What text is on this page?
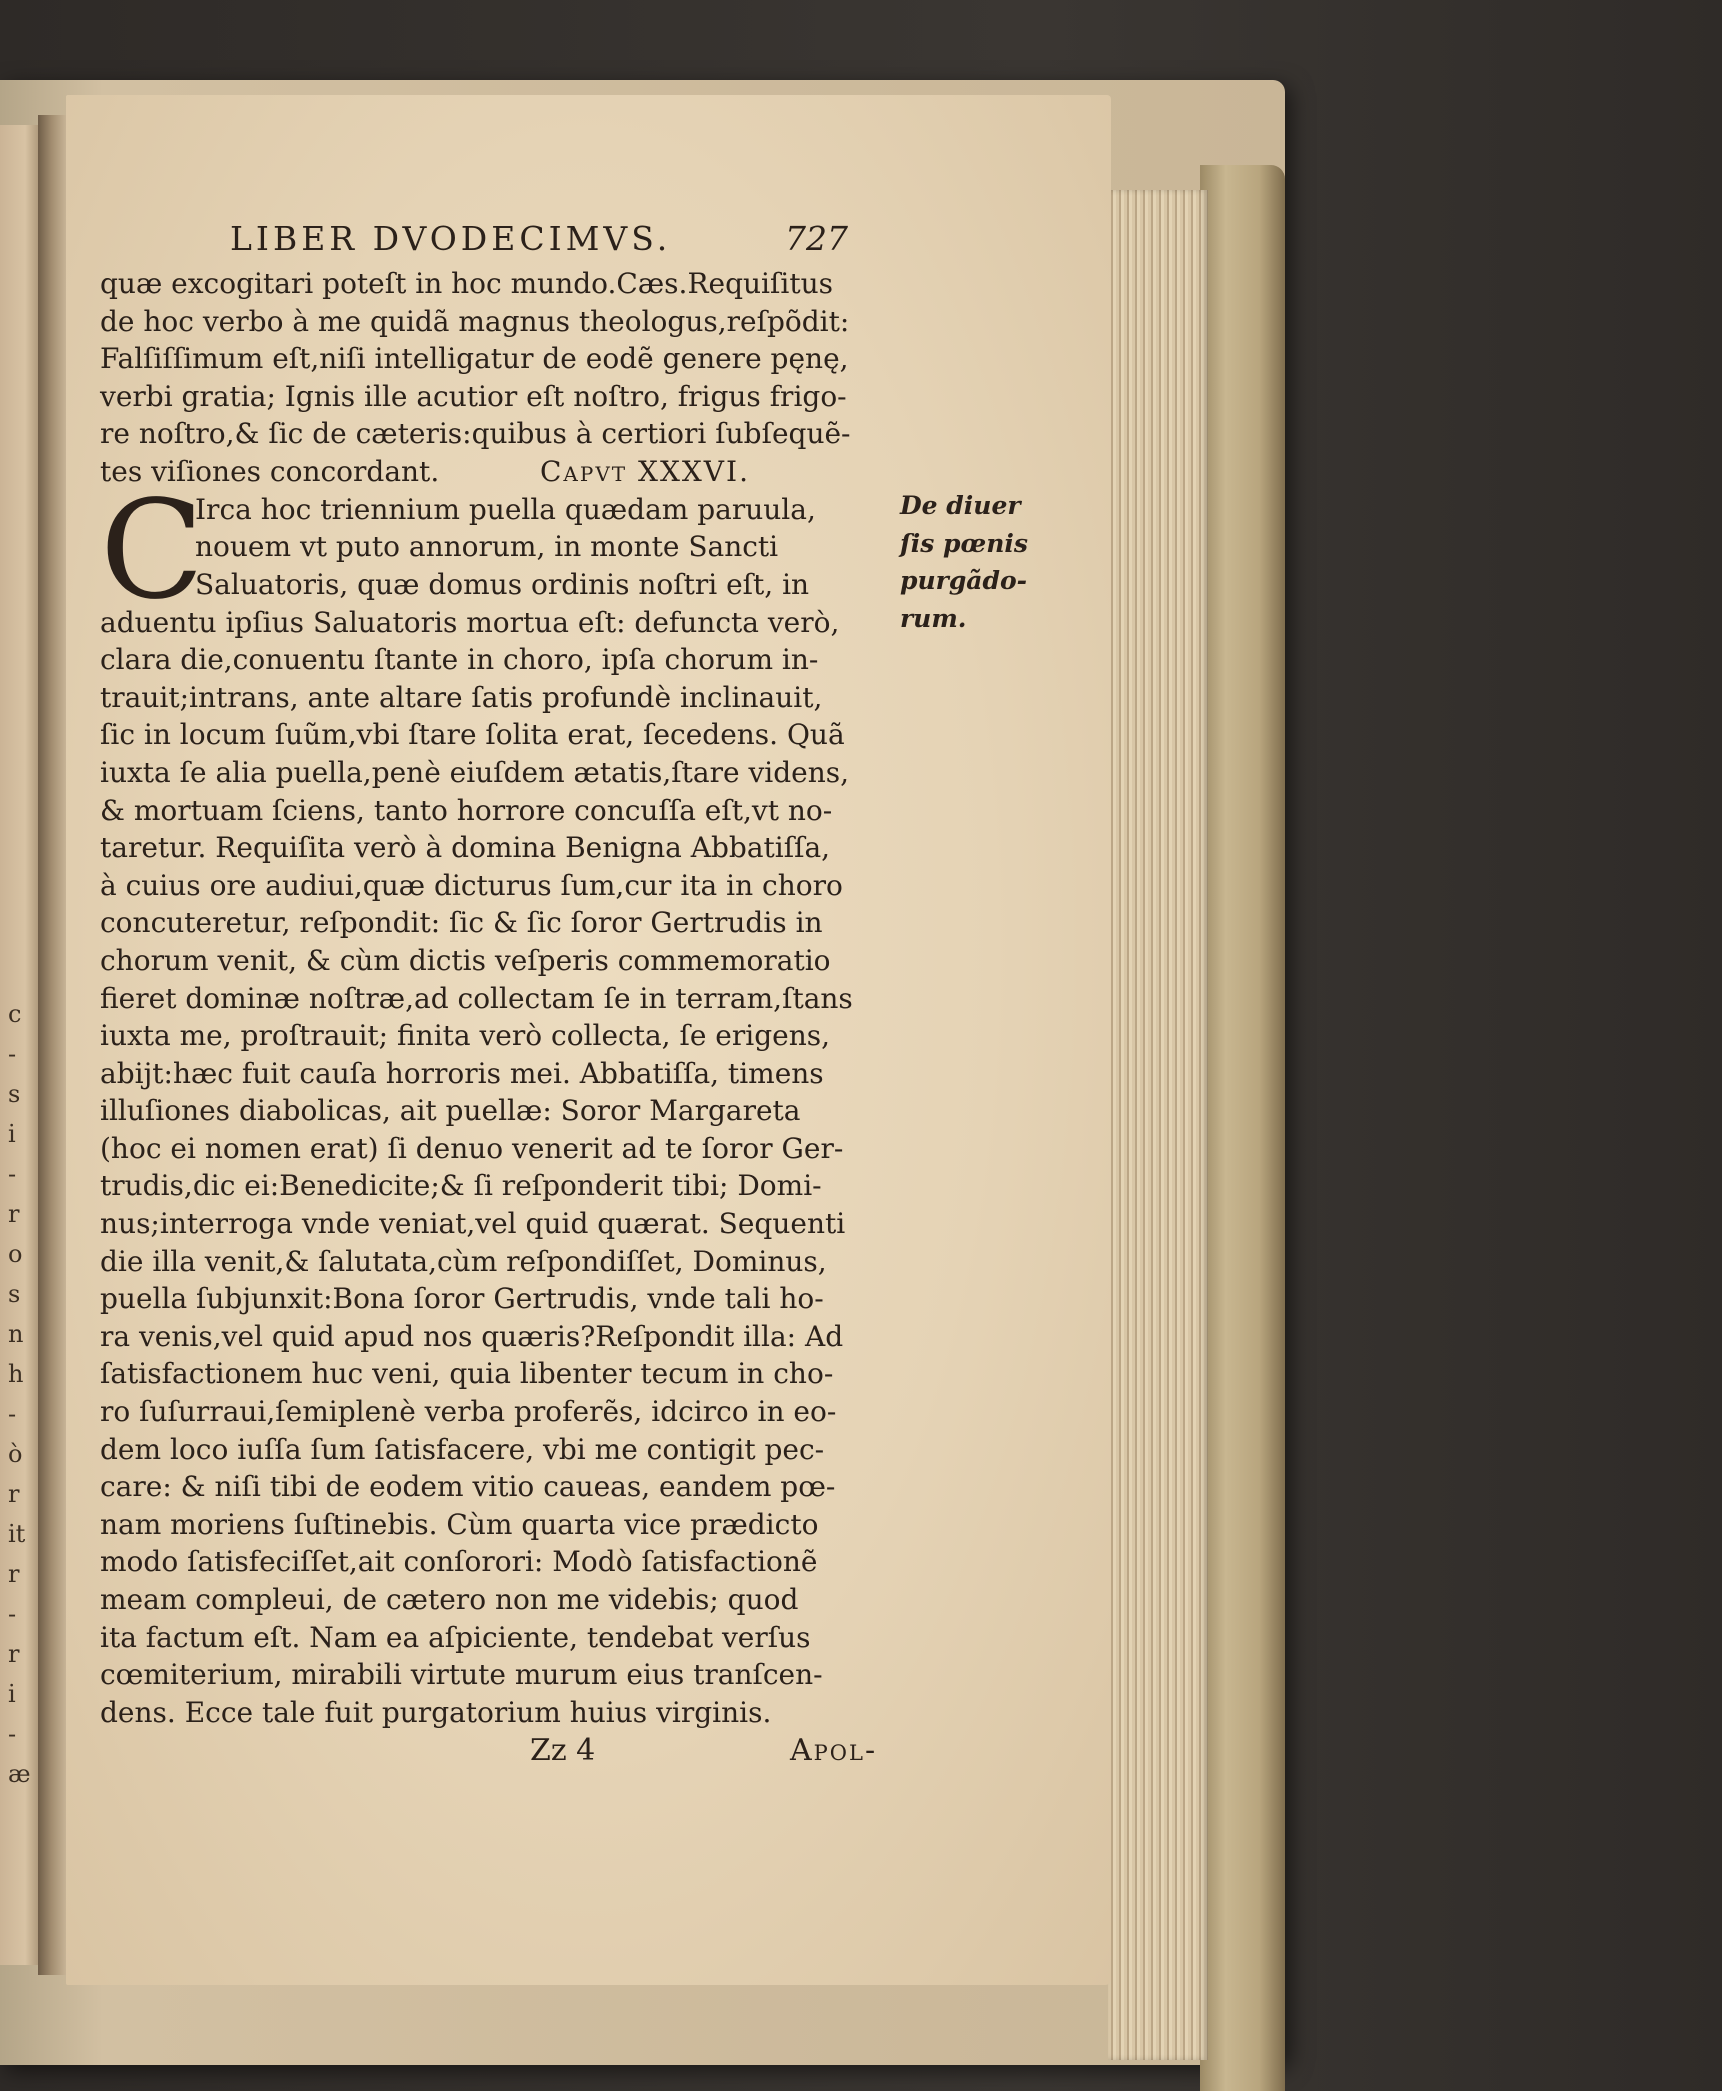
c
-
s
i
-
r
o
s
n
h
-
ò
r
it
r
-
r
i
-
æ
LIBER DVODECIMVS.	727
quæ excogitari poteſt in hoc mundo.Cæs.Requiſitus
de hoc verbo à me quidã magnus theologus,reſpõdit:
Falſiſſimum eſt,niſi intelligatur de eodẽ genere pęnę,
verbi gratia; Ignis ille acutior eſt noſtro, frigus frigo-
re noſtro,& ſic de cæteris:quibus à certiori ſubſequẽ-
tes viſiones concordant.	Capvt XXXVI.
C
Irca hoc triennium puella quædam paruula,
nouem vt puto annorum, in monte Sancti
Saluatoris, quæ domus ordinis noſtri eſt, in
aduentu ipſius Saluatoris mortua eſt: defuncta verò,
clara die,conuentu ſtante in choro, ipſa chorum in-
trauit;intrans, ante altare ſatis profundè inclinauit,
ſic in locum ſuũm,vbi ſtare ſolita erat, ſecedens. Quã
iuxta ſe alia puella,penè eiuſdem ætatis,ſtare videns,
& mortuam ſciens, tanto horrore concuſſa eſt,vt no-
taretur. Requiſita verò à domina Benigna Abbatiſſa,
à cuius ore audiui,quæ dicturus ſum,cur ita in choro
concuteretur, reſpondit: ſic & ſic ſoror Gertrudis in
chorum venit, & cùm dictis veſperis commemoratio
fieret dominæ noſtræ,ad collectam ſe in terram,ſtans
iuxta me, proſtrauit; finita verò collecta, ſe erigens,
abijt:hæc fuit cauſa horroris mei. Abbatiſſa, timens
illuſiones diabolicas, ait puellæ: Soror Margareta
(hoc ei nomen erat) ſi denuo venerit ad te ſoror Ger-
trudis,dic ei:Benedicite;& ſi reſponderit tibi; Domi-
nus;interroga vnde veniat,vel quid quærat. Sequenti
die illa venit,& ſalutata,cùm reſpondiſſet, Dominus,
puella ſubjunxit:Bona ſoror Gertrudis, vnde tali ho-
ra venis,vel quid apud nos quæris?Reſpondit illa: Ad
ſatisfactionem huc veni, quia libenter tecum in cho-
ro ſuſurraui,ſemiplenè verba proferẽs, idcirco in eo-
dem loco iuſſa ſum ſatisfacere, vbi me contigit pec-
care: & niſi tibi de eodem vitio caueas, eandem pœ-
nam moriens ſuſtinebis. Cùm quarta vice prædicto
modo ſatisfeciſſet,ait conſorori: Modò ſatisfactionẽ
meam compleui, de cætero non me videbis; quod
ita factum eſt. Nam ea aſpiciente, tendebat verſus
cœmiterium, mirabili virtute murum eius tranſcen-
dens. Ecce tale fuit purgatorium huius virginis.
Zz 4	Apol-
De diuer
ſis pœnis
purgãdo-
rum.
